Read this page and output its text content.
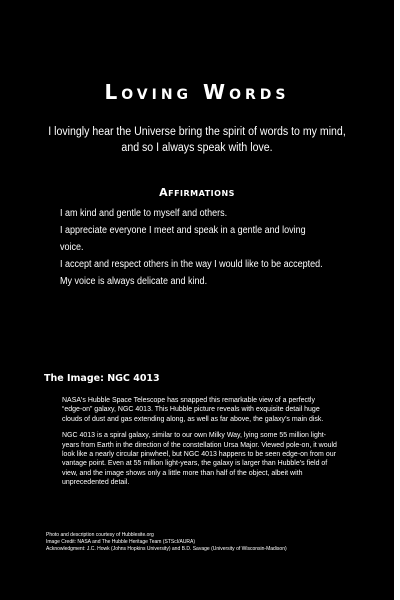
Loving Words
I lovingly hear the Universe bring the spirit of words to my mind,
and so I always speak with love.
Affirmations
I am kind and gentle to myself and others.
I appreciate everyone I meet and speak in a gentle and loving voice.
I accept and respect others in the way I would like to be accepted.
My voice is always delicate and kind.
The Image: NGC 4013

NASA's Hubble Space Telescope has snapped this remarkable view of a perfectly “edge-on” galaxy, NGC 4013. This Hubble picture reveals with exquisite detail huge clouds of dust and gas extending along, as well as far above, the galaxy’s main disk.

NGC 4013 is a spiral galaxy, similar to our own Milky Way, lying some 55 million light-years from Earth in the direction of the constellation Ursa Major. Viewed pole-on, it would look like a nearly circular pinwheel, but NGC 4013 happens to be seen edge-on from our vantage point. Even at 55 million light-years, the galaxy is larger than Hubble’s field of view, and the image shows only a little more than half of the object, albeit with unprecedented detail.

Photo and description courtesy of Hubblesite.org
Image Credit: NASA and The Hubble Heritage Team (STScI/AURA)
Acknowledgment: J.C. Howk (Johns Hopkins University) and B.D. Savage (University of Wisconsin-Madison)
